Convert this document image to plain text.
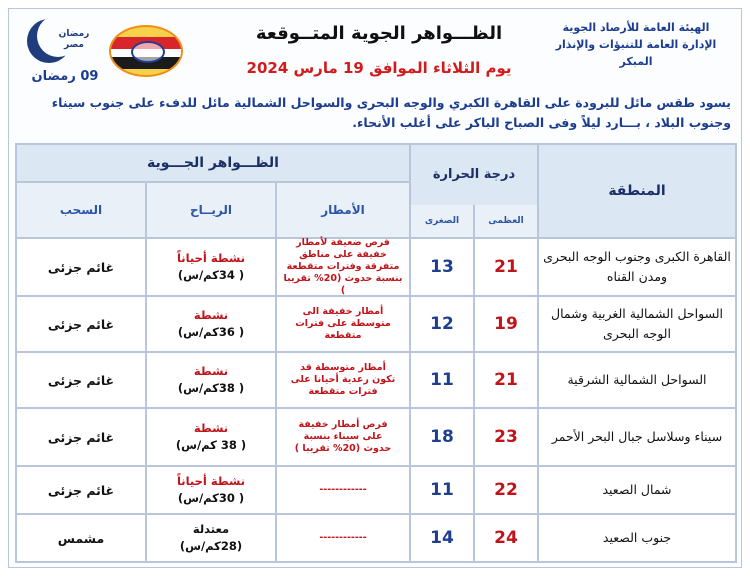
الهيئة العامة للأرصاد الجوية
الإدارة العامة للتنبؤات والإنذار المبكر
الظـــواهر الجوية المتــوقعة
يوم الثلاثاء الموافق 19 مارس 2024
رمضان مصر
09 رمضان
يسود طقس مائل للبرودة على القاهرة الكبري والوجه البحرى والسواحل الشمالية مائل للدفء على جنوب سيناء وجنوب البلاد ، بـــارد ليلاً وفى الصباح الباكر على أغلب الأنحاء.
المنطقة
درجة الحرارة
العظمى
الصغرى
الظـــواهر الجـــوية
الأمطار
الريــاح
السحب
القاهرة الكبرى وجنوب الوجه البحرى ومدن القناه
21
13
فرص ضعيفة لأمطار خفيفة على مناطق متفرقة وفترات متقطعة بنسبة حدوث (20% تقريبا )
نشطة أحياناً
( 34كم/س)
غائم جزئى
السواحل الشمالية الغربية وشمال الوجه البحرى
19
12
أمطار خفيفة الى متوسطة على فترات متقطعة
نشطة
( 36كم/س)
غائم جزئى
السواحل الشمالية الشرقية
21
11
أمطار متوسطة قد تكون رعدية أحيانا على فترات متقطعة
نشطة
( 38كم/س)
غائم جزئى
سيناء وسلاسل جبال البحر الأحمر
23
18
فرص أمطار خفيفة على سيناء بنسبة حدوث (20% تقريبا )
نشطة
( 38 كم/س)
غائم جزئى
شمال الصعيد
22
11
------------
نشطة أحياناً
( 30كم/س)
غائم جزئى
جنوب الصعيد
24
14
------------
معتدلة
(28كم/س)
مشمس
